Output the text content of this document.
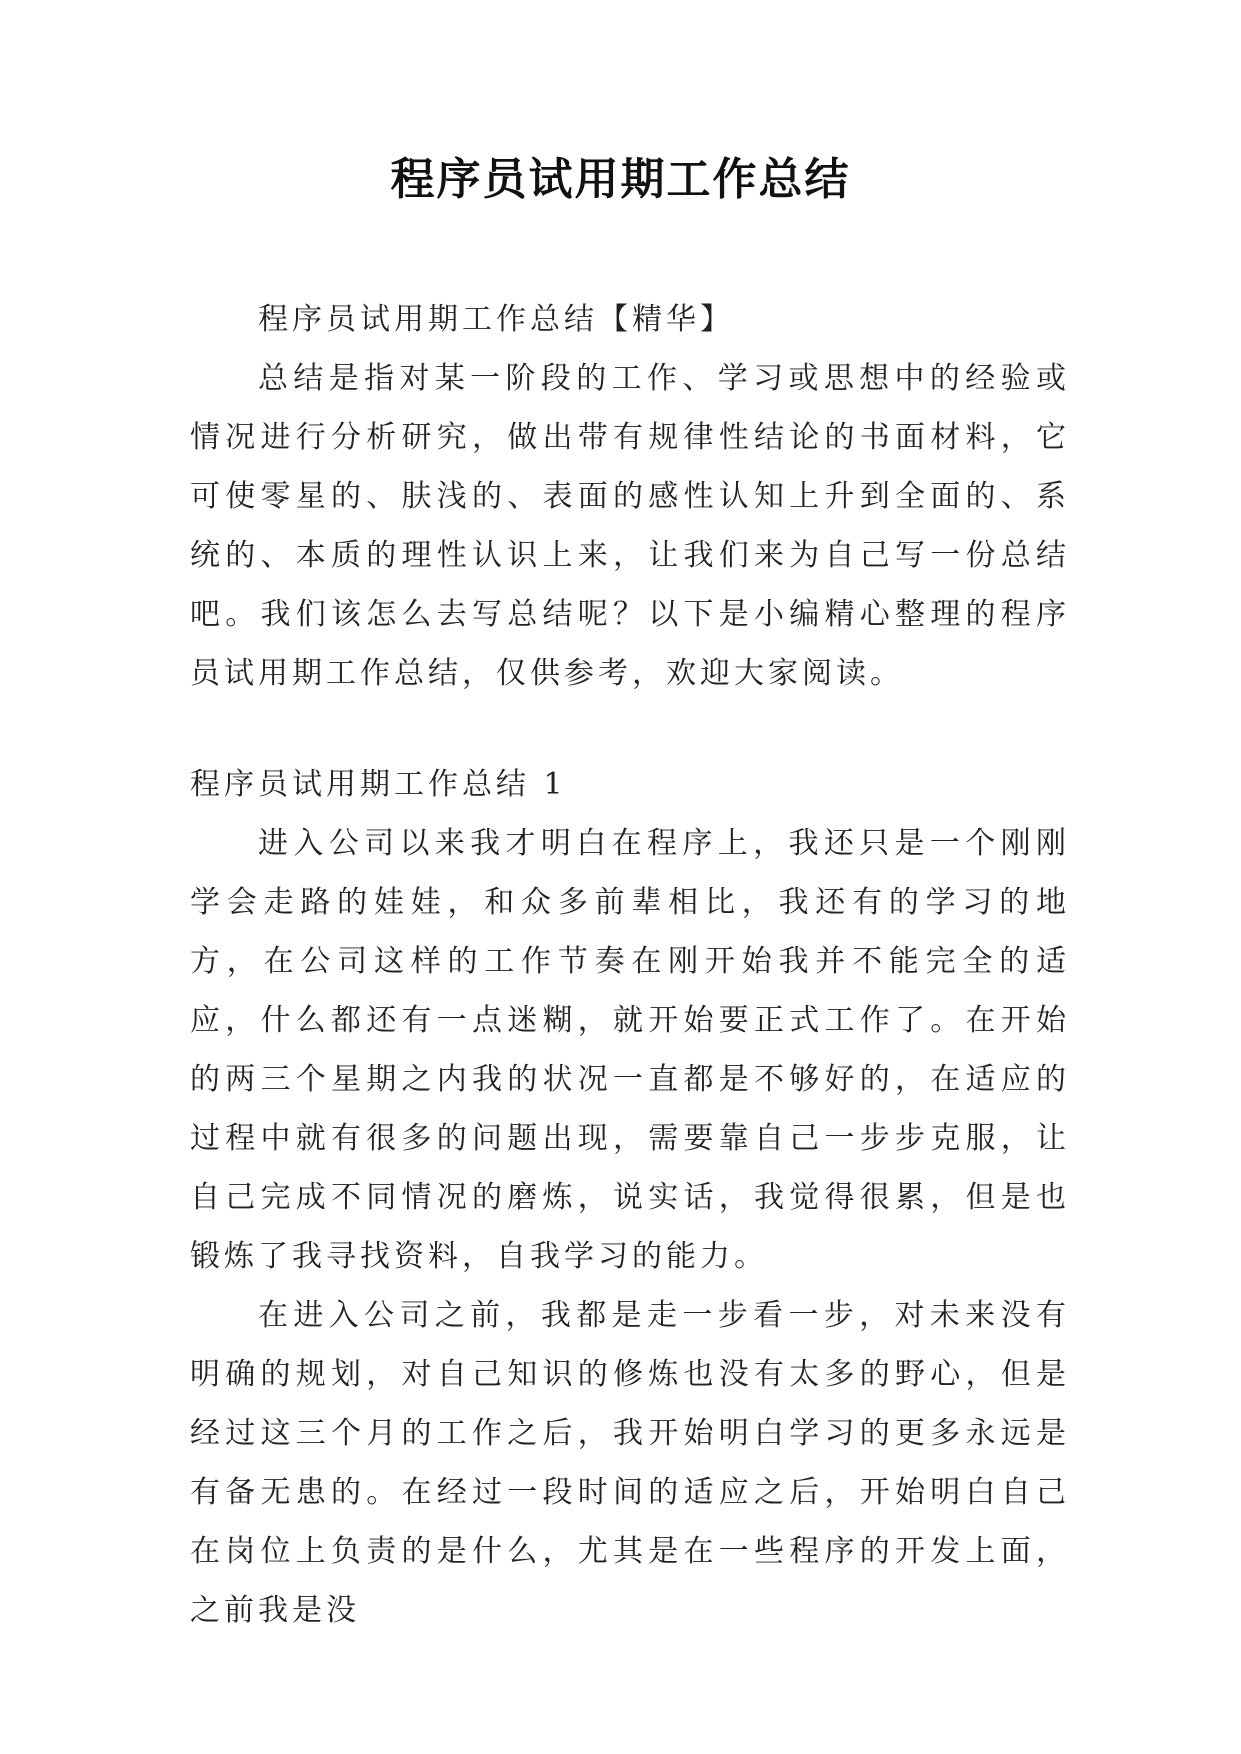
程序员试用期工作总结

程序员试用期工作总结【精华】

总结是指对某一阶段的工作、学习或思想中的经验或情况进行分析研究，做出带有规律性结论的书面材料，它可使零星的、肤浅的、表面的感性认知上升到全面的、系统的、本质的理性认识上来，让我们来为自己写一份总结吧。我们该怎么去写总结呢？以下是小编精心整理的程序员试用期工作总结，仅供参考，欢迎大家阅读。

程序员试用期工作总结 1

进入公司以来我才明白在程序上，我还只是一个刚刚学会走路的娃娃，和众多前辈相比，我还有的学习的地方，在公司这样的工作节奏在刚开始我并不能完全的适应，什么都还有一点迷糊，就开始要正式工作了。在开始的两三个星期之内我的状况一直都是不够好的，在适应的过程中就有很多的问题出现，需要靠自己一步步克服，让自己完成不同情况的磨炼，说实话，我觉得很累，但是也锻炼了我寻找资料，自我学习的能力。

在进入公司之前，我都是走一步看一步，对未来没有明确的规划，对自己知识的修炼也没有太多的野心，但是经过这三个月的工作之后，我开始明白学习的更多永远是有备无患的。在经过一段时间的适应之后，开始明白自己在岗位上负责的是什么，尤其是在一些程序的开发上面，之前我是没
